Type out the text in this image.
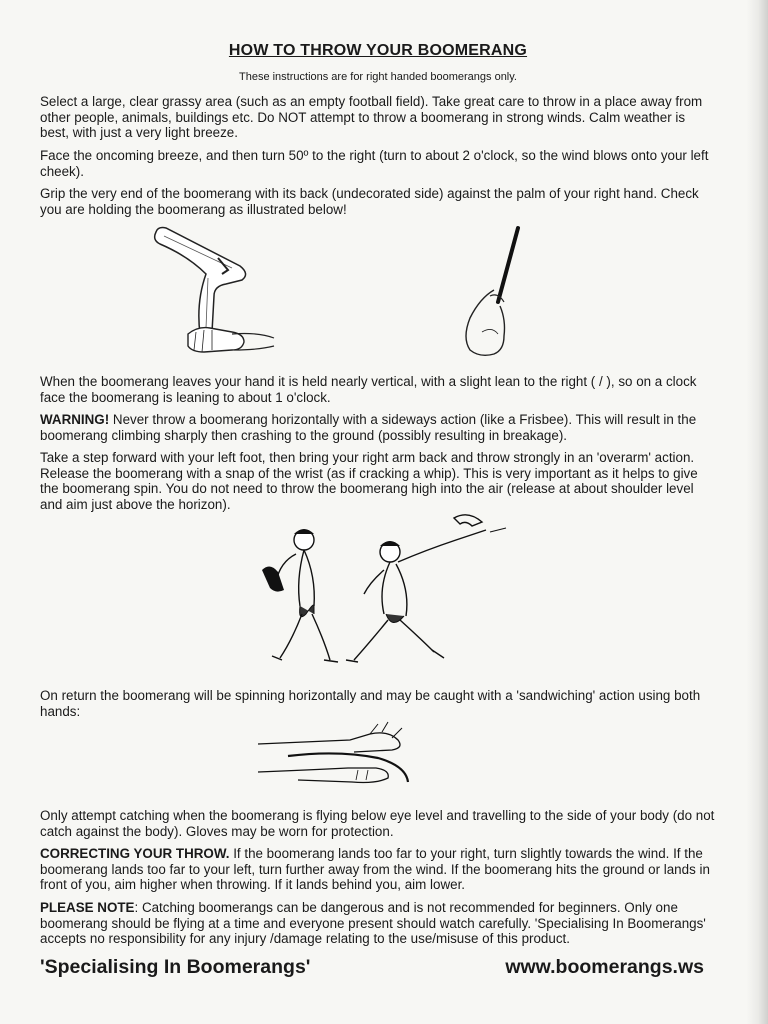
HOW TO THROW YOUR BOOMERANG
These instructions are for right handed boomerangs only.
Select a large, clear grassy area (such as an empty football field). Take great care to throw in a place away from other people, animals, buildings etc. Do NOT attempt to throw a boomerang in strong winds. Calm weather is best, with just a very light breeze.
Face the oncoming breeze, and then turn 50º to the right (turn to about 2 o'clock, so the wind blows onto your left cheek).
Grip the very end of the boomerang with its back (undecorated side) against the palm of your right hand. Check you are holding the boomerang as illustrated below!
When the boomerang leaves your hand it is held nearly vertical, with a slight lean to the right ( / ), so on a clock face the boomerang is leaning to about 1 o'clock.
WARNING! Never throw a boomerang horizontally with a sideways action (like a Frisbee). This will result in the boomerang climbing sharply then crashing to the ground (possibly resulting in breakage).
Take a step forward with your left foot, then bring your right arm back and throw strongly in an 'overarm' action. Release the boomerang with a snap of the wrist (as if cracking a whip). This is very important as it helps to give the boomerang spin. You do not need to throw the boomerang high into the air (release at about shoulder level and aim just above the horizon).
On return the boomerang will be spinning horizontally and may be caught with a 'sandwiching' action using both hands:
Only attempt catching when the boomerang is flying below eye level and travelling to the side of your body (do not catch against the body). Gloves may be worn for protection.
CORRECTING YOUR THROW. If the boomerang lands too far to your right, turn slightly towards the wind. If the boomerang lands too far to your left, turn further away from the wind. If the boomerang hits the ground or lands in front of you, aim higher when throwing. If it lands behind you, aim lower.
PLEASE NOTE: Catching boomerangs can be dangerous and is not recommended for beginners. Only one boomerang should be flying at a time and everyone present should watch carefully. 'Specialising In Boomerangs' accepts no responsibility for any injury /damage relating to the use/misuse of this product.
'Specialising In Boomerangs'	www.boomerangs.ws
